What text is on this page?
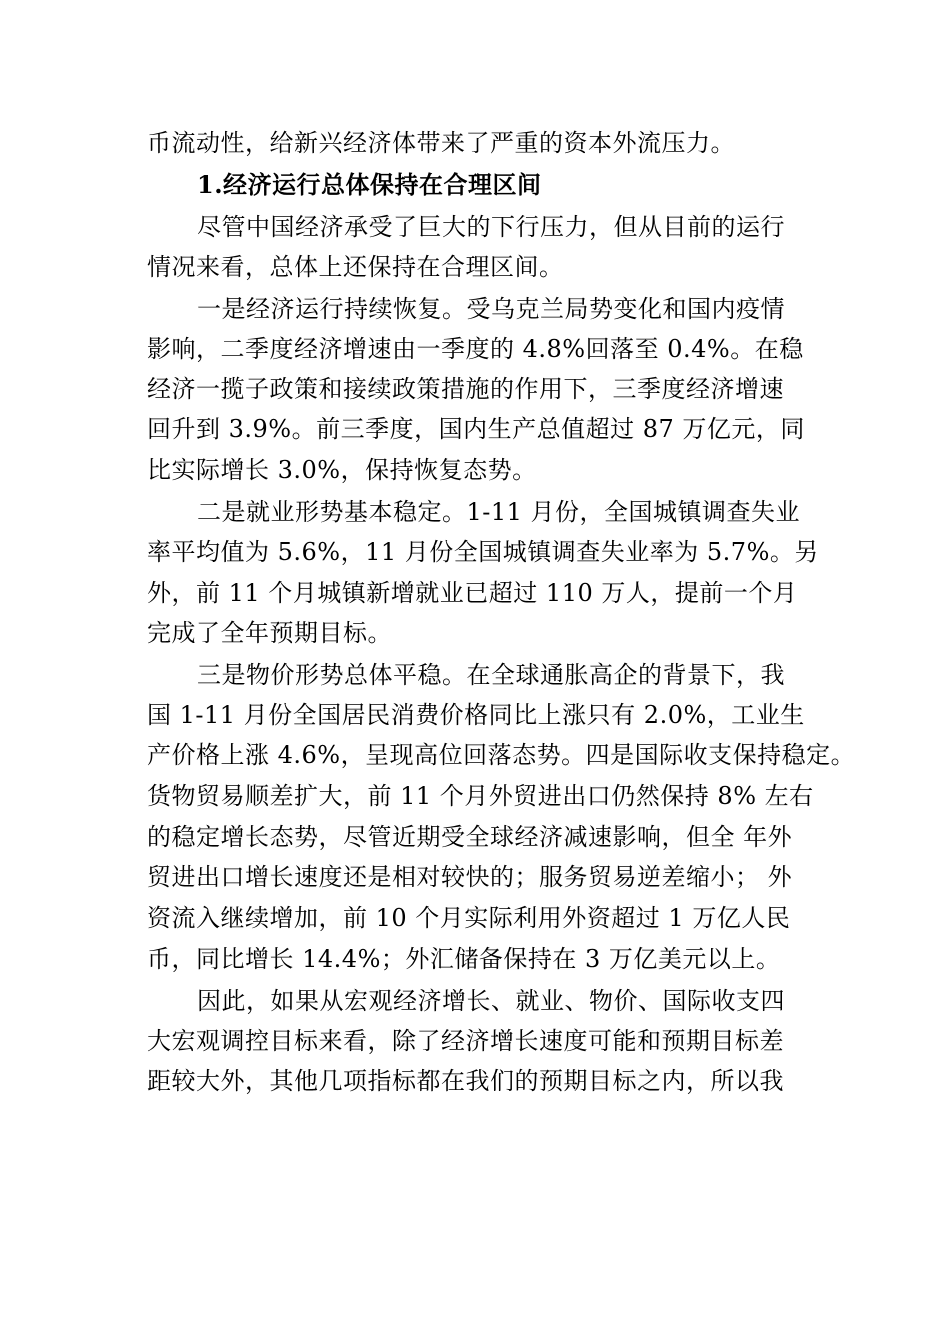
币流动性，给新兴经济体带来了严重的资本外流压力。
1.经济运行总体保持在合理区间
尽管中国经济承受了巨大的下行压力，但从目前的运行
情况来看，总体上还保持在合理区间。
一是经济运行持续恢复。受乌克兰局势变化和国内疫情
影响，二季度经济增速由一季度的 4.8%回落至 0.4%。在稳
经济一揽子政策和接续政策措施的作用下，三季度经济增速
回升到 3.9%。前三季度，国内生产总值超过 87 万亿元，同
比实际增长 3.0%，保持恢复态势。
二是就业形势基本稳定。1-11 月份，全国城镇调查失业
率平均值为 5.6%，11 月份全国城镇调查失业率为 5.7%。另
外，前 11 个月城镇新增就业已超过 110 万人，提前一个月
完成了全年预期目标。
三是物价形势总体平稳。在全球通胀高企的背景下，我
国 1-11 月份全国居民消费价格同比上涨只有 2.0%，工业生
产价格上涨 4.6%，呈现高位回落态势。四是国际收支保持稳定。
货物贸易顺差扩大，前 11 个月外贸进出口仍然保持 8% 左右
的稳定增长态势，尽管近期受全球经济减速影响，但全 年外
贸进出口增长速度还是相对较快的；服务贸易逆差缩小； 外
资流入继续增加，前 10 个月实际利用外资超过 1 万亿人民
币，同比增长 14.4%；外汇储备保持在 3 万亿美元以上。
因此，如果从宏观经济增长、就业、物价、国际收支四
大宏观调控目标来看，除了经济增长速度可能和预期目标差
距较大外，其他几项指标都在我们的预期目标之内，所以我
